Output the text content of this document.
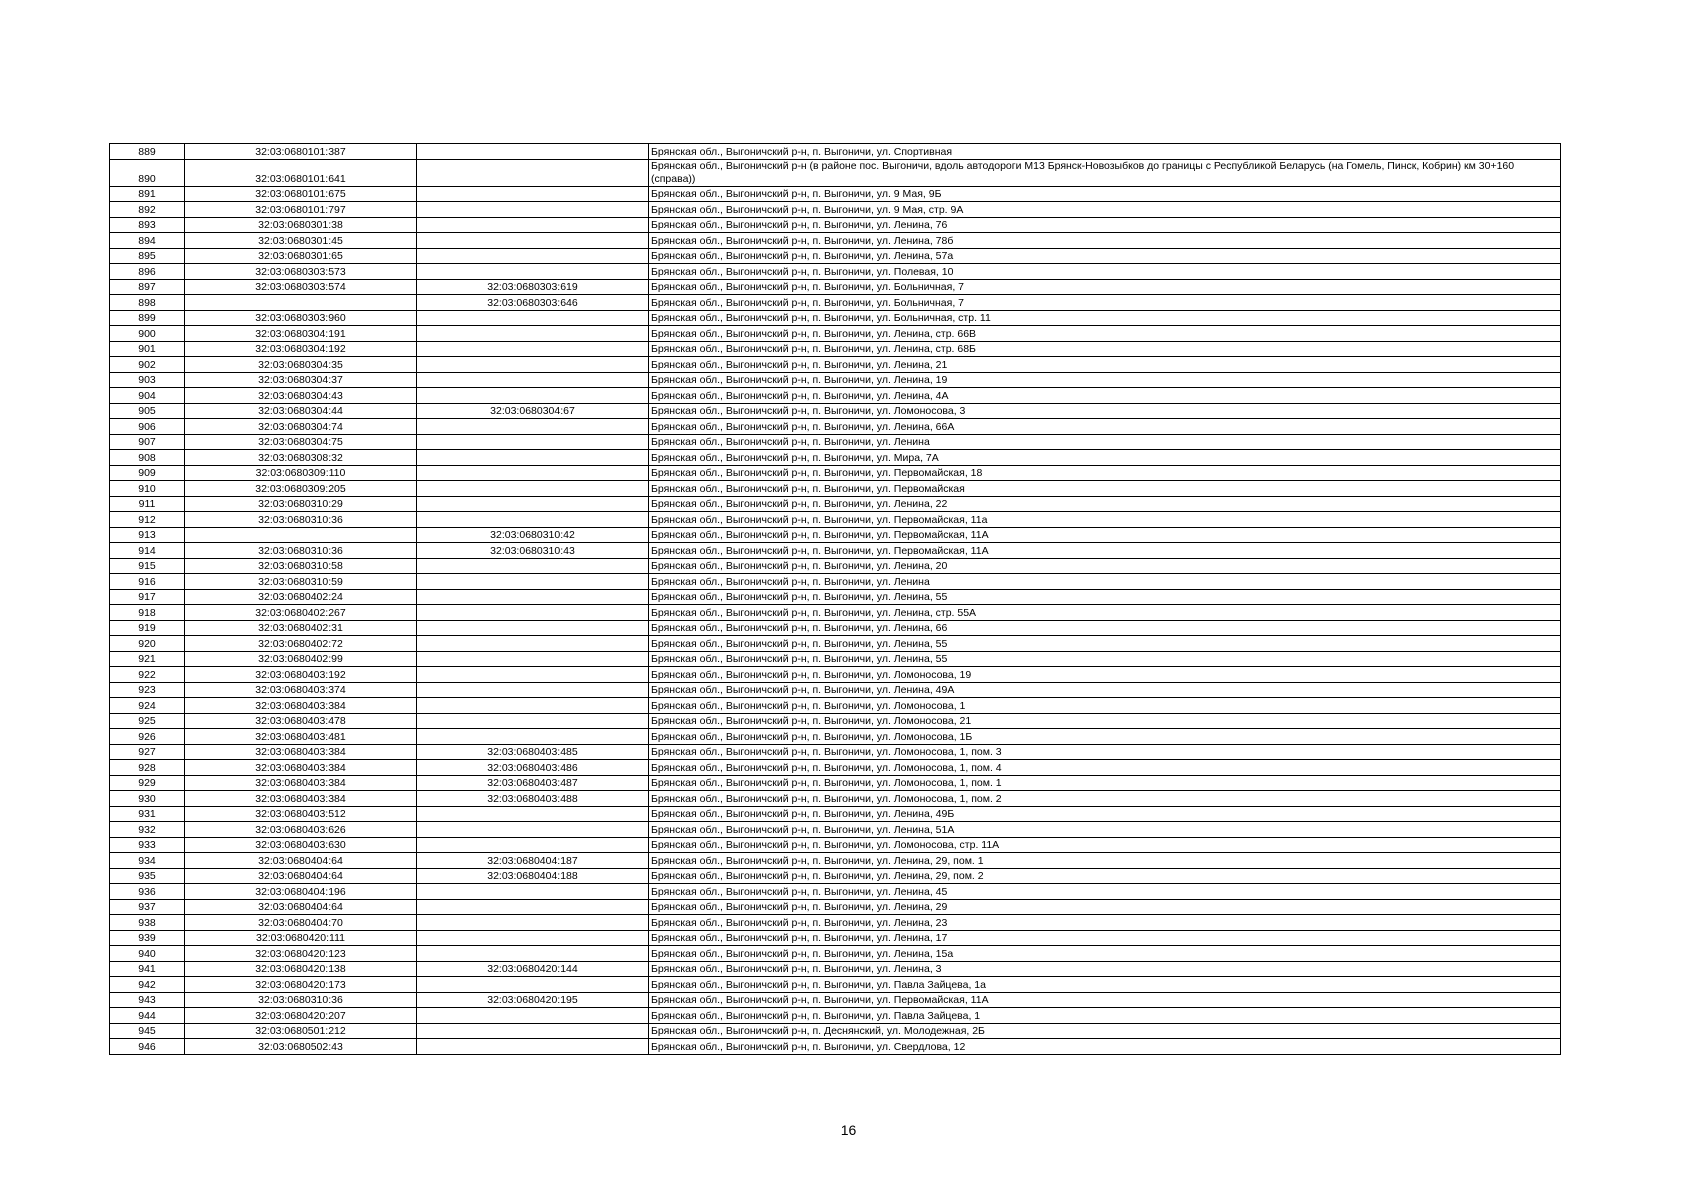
889	32:03:0680101:387		Брянская обл., Выгоничский р-н, п. Выгоничи, ул. Спортивная
890	32:03:0680101:641		Брянская обл., Выгоничский р-н (в районе пос. Выгоничи, вдоль автодороги М13 Брянск-Новозыбков до границы с Республикой Беларусь (на Гомель, Пинск, Кобрин) км 30+160 (справа))
891	32:03:0680101:675		Брянская обл., Выгоничский р-н, п. Выгоничи, ул. 9 Мая, 9Б
892	32:03:0680101:797		Брянская обл., Выгоничский р-н, п. Выгоничи, ул. 9 Мая, стр. 9А
893	32:03:0680301:38		Брянская обл., Выгоничский р-н, п. Выгоничи, ул. Ленина, 76
894	32:03:0680301:45		Брянская обл., Выгоничский р-н, п. Выгоничи, ул. Ленина, 78б
895	32:03:0680301:65		Брянская обл., Выгоничский р-н, п. Выгоничи, ул. Ленина, 57а
896	32:03:0680303:573		Брянская обл., Выгоничский р-н, п. Выгоничи, ул. Полевая, 10
897	32:03:0680303:574	32:03:0680303:619	Брянская обл., Выгоничский р-н, п. Выгоничи, ул. Больничная, 7
898		32:03:0680303:646	Брянская обл., Выгоничский р-н, п. Выгоничи, ул. Больничная, 7
899	32:03:0680303:960		Брянская обл., Выгоничский р-н, п. Выгоничи, ул. Больничная, стр. 11
900	32:03:0680304:191		Брянская обл., Выгоничский р-н, п. Выгоничи, ул. Ленина, стр. 66В
901	32:03:0680304:192		Брянская обл., Выгоничский р-н, п. Выгоничи, ул. Ленина, стр. 68Б
902	32:03:0680304:35		Брянская обл., Выгоничский р-н, п. Выгоничи, ул. Ленина, 21
903	32:03:0680304:37		Брянская обл., Выгоничский р-н, п. Выгоничи, ул. Ленина, 19
904	32:03:0680304:43		Брянская обл., Выгоничский р-н, п. Выгоничи, ул. Ленина, 4А
905	32:03:0680304:44	32:03:0680304:67	Брянская обл., Выгоничский р-н, п. Выгоничи, ул. Ломоносова, 3
906	32:03:0680304:74		Брянская обл., Выгоничский р-н, п. Выгоничи, ул. Ленина, 66А
907	32:03:0680304:75		Брянская обл., Выгоничский р-н, п. Выгоничи, ул. Ленина
908	32:03:0680308:32		Брянская обл., Выгоничский р-н, п. Выгоничи, ул. Мира, 7А
909	32:03:0680309:110		Брянская обл., Выгоничский р-н, п. Выгоничи, ул. Первомайская, 18
910	32:03:0680309:205		Брянская обл., Выгоничский р-н, п. Выгоничи, ул. Первомайская
911	32:03:0680310:29		Брянская обл., Выгоничский р-н, п. Выгоничи, ул. Ленина, 22
912	32:03:0680310:36		Брянская обл., Выгоничский р-н, п. Выгоничи, ул. Первомайская, 11а
913		32:03:0680310:42	Брянская обл., Выгоничский р-н, п. Выгоничи, ул. Первомайская, 11А
914	32:03:0680310:36	32:03:0680310:43	Брянская обл., Выгоничский р-н, п. Выгоничи, ул. Первомайская, 11А
915	32:03:0680310:58		Брянская обл., Выгоничский р-н, п. Выгоничи, ул. Ленина, 20
916	32:03:0680310:59		Брянская обл., Выгоничский р-н, п. Выгоничи, ул. Ленина
917	32:03:0680402:24		Брянская обл., Выгоничский р-н, п. Выгоничи, ул. Ленина, 55
918	32:03:0680402:267		Брянская обл., Выгоничский р-н, п. Выгоничи, ул. Ленина, стр. 55А
919	32:03:0680402:31		Брянская обл., Выгоничский р-н, п. Выгоничи, ул. Ленина, 66
920	32:03:0680402:72		Брянская обл., Выгоничский р-н, п. Выгоничи, ул. Ленина, 55
921	32:03:0680402:99		Брянская обл., Выгоничский р-н, п. Выгоничи, ул. Ленина, 55
922	32:03:0680403:192		Брянская обл., Выгоничский р-н, п. Выгоничи, ул. Ломоносова, 19
923	32:03:0680403:374		Брянская обл., Выгоничский р-н, п. Выгоничи, ул. Ленина, 49А
924	32:03:0680403:384		Брянская обл., Выгоничский р-н, п. Выгоничи, ул. Ломоносова, 1
925	32:03:0680403:478		Брянская обл., Выгоничский р-н, п. Выгоничи, ул. Ломоносова, 21
926	32:03:0680403:481		Брянская обл., Выгоничский р-н, п. Выгоничи, ул. Ломоносова, 1Б
927	32:03:0680403:384	32:03:0680403:485	Брянская обл., Выгоничский р-н, п. Выгоничи, ул. Ломоносова, 1, пом. 3
928	32:03:0680403:384	32:03:0680403:486	Брянская обл., Выгоничский р-н, п. Выгоничи, ул. Ломоносова, 1, пом. 4
929	32:03:0680403:384	32:03:0680403:487	Брянская обл., Выгоничский р-н, п. Выгоничи, ул. Ломоносова, 1, пом. 1
930	32:03:0680403:384	32:03:0680403:488	Брянская обл., Выгоничский р-н, п. Выгоничи, ул. Ломоносова, 1, пом. 2
931	32:03:0680403:512		Брянская обл., Выгоничский р-н, п. Выгоничи, ул. Ленина, 49Б
932	32:03:0680403:626		Брянская обл., Выгоничский р-н, п. Выгоничи, ул. Ленина, 51А
933	32:03:0680403:630		Брянская обл., Выгоничский р-н, п. Выгоничи, ул. Ломоносова, стр. 11А
934	32:03:0680404:64	32:03:0680404:187	Брянская обл., Выгоничский р-н, п. Выгоничи, ул. Ленина, 29, пом. 1
935	32:03:0680404:64	32:03:0680404:188	Брянская обл., Выгоничский р-н, п. Выгоничи, ул. Ленина, 29, пом. 2
936	32:03:0680404:196		Брянская обл., Выгоничский р-н, п. Выгоничи, ул. Ленина, 45
937	32:03:0680404:64		Брянская обл., Выгоничский р-н, п. Выгоничи, ул. Ленина, 29
938	32:03:0680404:70		Брянская обл., Выгоничский р-н, п. Выгоничи, ул. Ленина, 23
939	32:03:0680420:111		Брянская обл., Выгоничский р-н, п. Выгоничи, ул. Ленина, 17
940	32:03:0680420:123		Брянская обл., Выгоничский р-н, п. Выгоничи, ул. Ленина, 15а
941	32:03:0680420:138	32:03:0680420:144	Брянская обл., Выгоничский р-н, п. Выгоничи, ул. Ленина, 3
942	32:03:0680420:173		Брянская обл., Выгоничский р-н, п. Выгоничи, ул. Павла Зайцева, 1а
943	32:03:0680310:36	32:03:0680420:195	Брянская обл., Выгоничский р-н, п. Выгоничи, ул. Первомайская, 11А
944	32:03:0680420:207		Брянская обл., Выгоничский р-н, п. Выгоничи, ул. Павла Зайцева, 1
945	32:03:0680501:212		Брянская обл., Выгоничский р-н, п. Деснянский, ул. Молодежная, 2Б
946	32:03:0680502:43		Брянская обл., Выгоничский р-н, п. Выгоничи, ул. Свердлова, 12
16
